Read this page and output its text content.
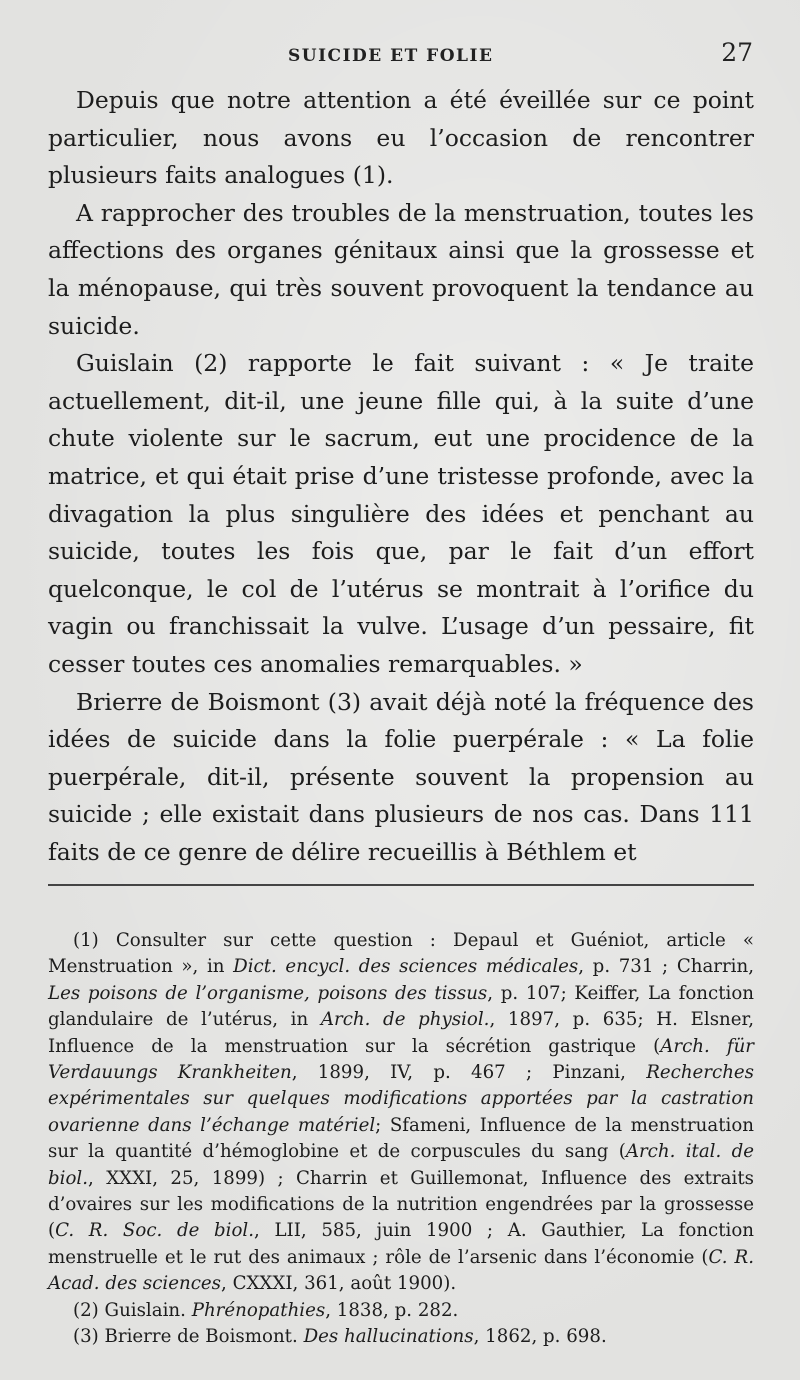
SUICIDE ET FOLIE	27

Depuis que notre attention a été éveillée sur ce point particulier, nous avons eu l’occasion de rencontrer plusieurs faits analogues (1).

A rapprocher des troubles de la menstruation, toutes les affections des organes génitaux ainsi que la grossesse et la ménopause, qui très souvent provoquent la tendance au suicide.

Guislain (2) rapporte le fait suivant : « Je traite actuellement, dit-il, une jeune fille qui, à la suite d’une chute violente sur le sacrum, eut une procidence de la matrice, et qui était prise d’une tristesse profonde, avec la divagation la plus singulière des idées et penchant au suicide, toutes les fois que, par le fait d’un effort quelconque, le col de l’utérus se montrait à l’orifice du vagin ou franchissait la vulve. L’usage d’un pessaire, fit cesser toutes ces anomalies remarquables. »

Brierre de Boismont (3) avait déjà noté la fréquence des idées de suicide dans la folie puerpérale : « La folie puerpérale, dit-il, présente souvent la propension au suicide ; elle existait dans plusieurs de nos cas. Dans 111 faits de ce genre de délire recueillis à Béthlem et

(1) Consulter sur cette question : Depaul et Guéniot, article « Menstruation », in Dict. encycl. des sciences médicales, p. 731 ; Charrin, Les poisons de l’organisme, poisons des tissus, p. 107; Keiffer, La fonction glandulaire de l’utérus, in Arch. de physiol., 1897, p. 635; H. Elsner, Influence de la menstruation sur la sécrétion gastrique (Arch. für Verdauungs Krankheiten, 1899, IV, p. 467 ; Pinzani, Recherches expérimentales sur quelques modifications apportées par la castration ovarienne dans l’échange matériel; Sfameni, Influence de la menstruation sur la quantité d’hémoglobine et de corpuscules du sang (Arch. ital. de biol., XXXI, 25, 1899) ; Charrin et Guillemonat, Influence des extraits d’ovaires sur les modifications de la nutrition engendrées par la grossesse (C. R. Soc. de biol., LII, 585, juin 1900 ; A. Gauthier, La fonction menstruelle et le rut des animaux ; rôle de l’arsenic dans l’économie (C. R. Acad. des sciences, CXXXI, 361, août 1900).

(2) Guislain. Phrénopathies, 1838, p. 282.

(3) Brierre de Boismont. Des hallucinations, 1862, p. 698.
